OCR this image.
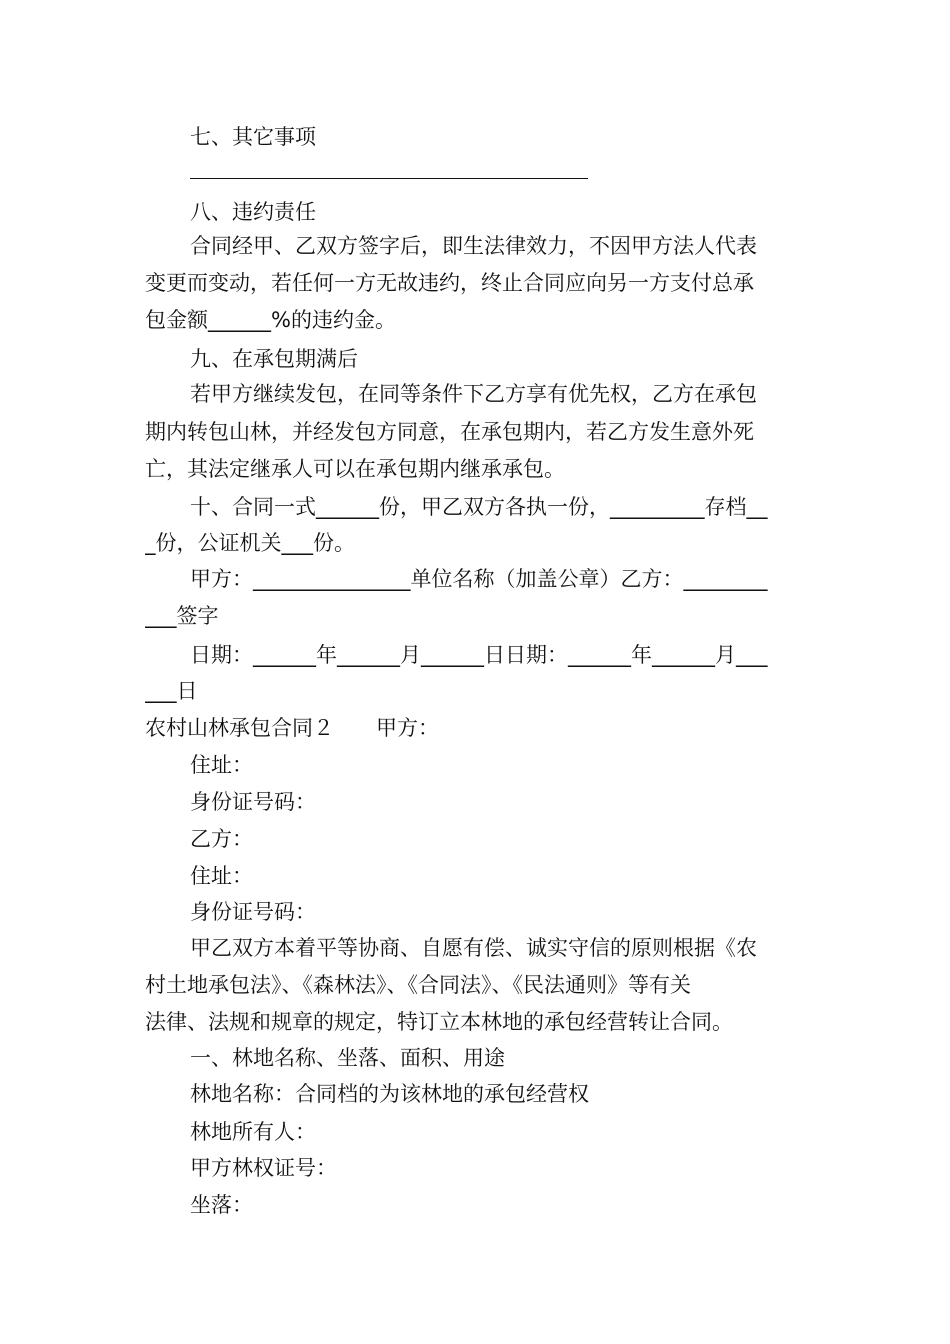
七、其它事项
八、违约责任
合同经甲、乙双方签字后，即生法律效力，不因甲方法人代表
变更而变动，若任何一方无故违约，终止合同应向另一方支付总承
包金额______%的违约金。
九、在承包期满后
若甲方继续发包，在同等条件下乙方享有优先权，乙方在承包
期内转包山林，并经发包方同意，在承包期内，若乙方发生意外死
亡，其法定继承人可以在承包期内继承承包。
十、合同一式______份，甲乙双方各执一份，_________存档__
_份，公证机关___份。
甲方：_______________单位名称（加盖公章）乙方：________
___签字
日期：______年______月______日日期：______年______月___
___日
农村山林承包合同２　　甲方：
住址：
身份证号码：
乙方：
住址：
身份证号码：
甲乙双方本着平等协商、自愿有偿、诚实守信的原则根据《农
村土地承包法》、《森林法》、《合同法》、《民法通则》等有关
法律、法规和规章的规定，特订立本林地的承包经营转让合同。
一、林地名称、坐落、面积、用途
林地名称：合同档的为该林地的承包经营权
林地所有人：
甲方林权证号：
坐落：
